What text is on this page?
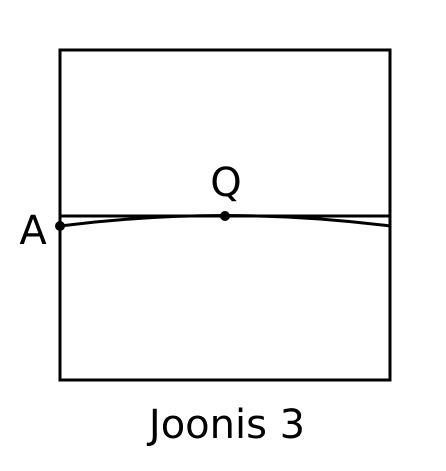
A
Q
Joonis 3
